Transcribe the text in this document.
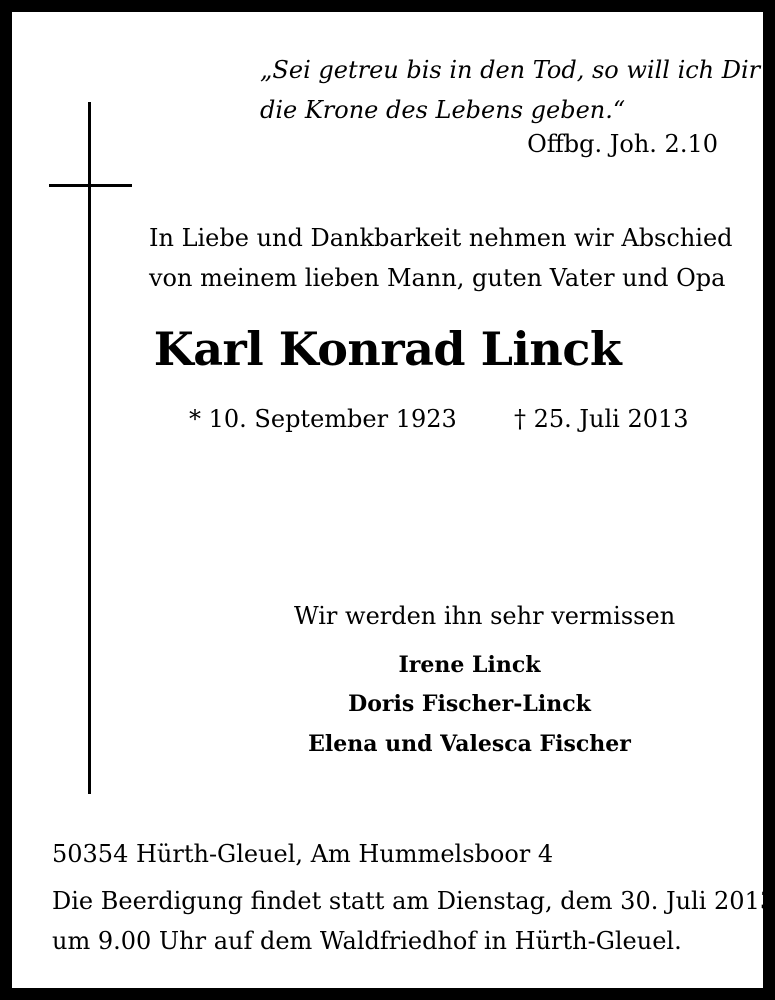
„Sei getreu bis in den Tod, so will ich Dir
die Krone des Lebens geben.“
Offbg. Joh. 2.10
In Liebe und Dankbarkeit nehmen wir Abschied
von meinem lieben Mann, guten Vater und Opa
Karl Konrad Linck
* 10. September 1923 † 25. Juli 2013
Wir werden ihn sehr vermissen
Irene Linck
Doris Fischer-Linck
Elena und Valesca Fischer
50354 Hürth-Gleuel, Am Hummelsboor 4
Die Beerdigung findet statt am Dienstag, dem 30. Juli 2013
um 9.00 Uhr auf dem Waldfriedhof in Hürth-Gleuel.
